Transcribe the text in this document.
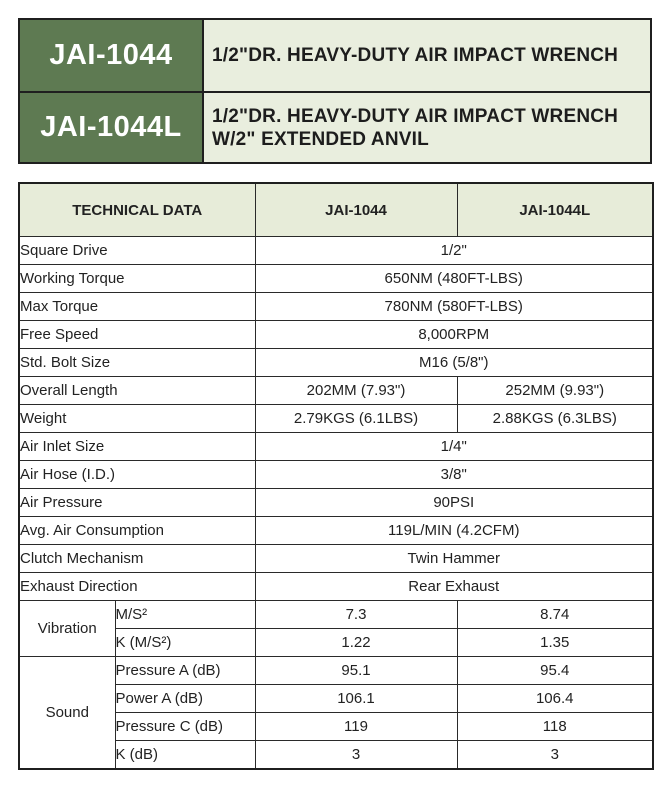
JAI-1044	1/2"DR. HEAVY-DUTY AIR IMPACT WRENCH
JAI-1044L	1/2"DR. HEAVY-DUTY AIR IMPACT WRENCH
W/2" EXTENDED ANVIL
TECHNICAL DATA		JAI-1044	JAI-1044L
Square Drive		1/2"	
Working Torque		650NM (480FT-LBS)	
Max Torque		780NM (580FT-LBS)	
Free Speed		8,000RPM	
Std. Bolt Size		M16 (5/8")	
Overall Length		202MM (7.93")	252MM (9.93")
Weight		2.79KGS (6.1LBS)	2.88KGS (6.3LBS)
Air Inlet Size		1/4"	
Air Hose (I.D.)		3/8"	
Air Pressure		90PSI	
Avg. Air Consumption		119L/MIN (4.2CFM)	
Clutch Mechanism		Twin Hammer	
Exhaust Direction		Rear Exhaust	
Vibration	M/S²	7.3	8.74
	K (M/S²)	1.22	1.35
Sound	Pressure A (dB)	95.1	95.4
	Power A (dB)	106.1	106.4
	Pressure C (dB)	119	118
	K (dB)	3	3
